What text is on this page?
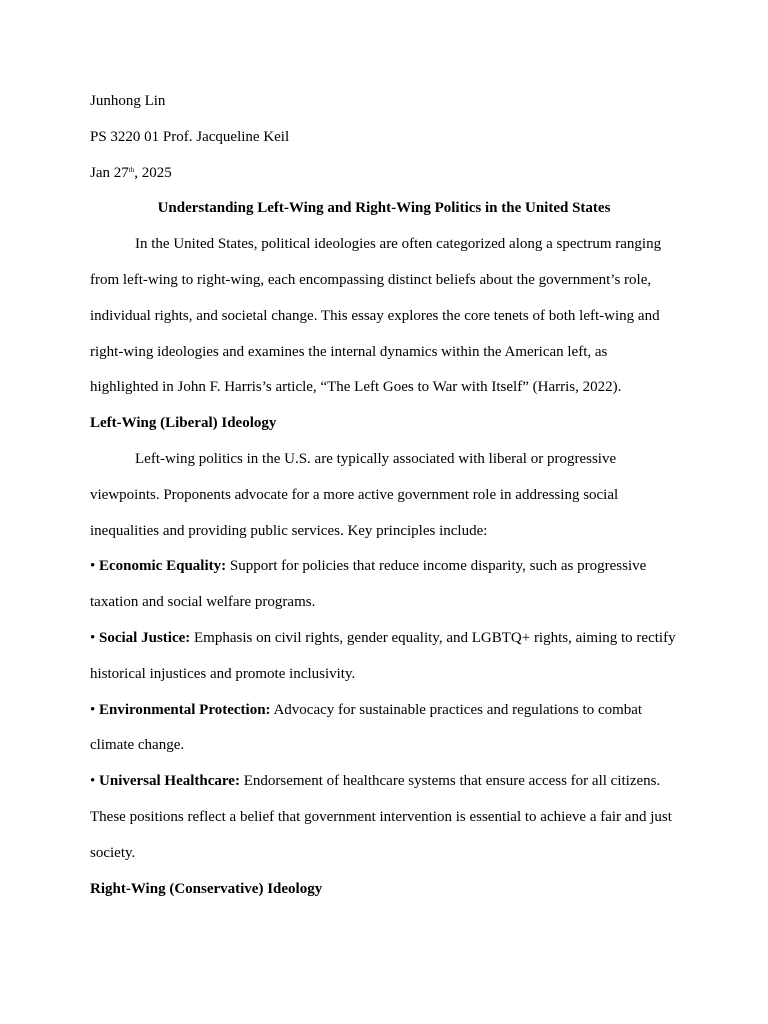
Junhong Lin

PS 3220 01 Prof. Jacqueline Keil

Jan 27th, 2025

Understanding Left-Wing and Right-Wing Politics in the United States

In the United States, political ideologies are often categorized along a spectrum ranging from left-wing to right-wing, each encompassing distinct beliefs about the government’s role, individual rights, and societal change. This essay explores the core tenets of both left-wing and right-wing ideologies and examines the internal dynamics within the American left, as highlighted in John F. Harris’s article, “The Left Goes to War with Itself” (Harris, 2022).

Left-Wing (Liberal) Ideology

Left-wing politics in the U.S. are typically associated with liberal or progressive viewpoints. Proponents advocate for a more active government role in addressing social inequalities and providing public services. Key principles include:

• Economic Equality: Support for policies that reduce income disparity, such as progressive taxation and social welfare programs.

• Social Justice: Emphasis on civil rights, gender equality, and LGBTQ+ rights, aiming to rectify historical injustices and promote inclusivity.

• Environmental Protection: Advocacy for sustainable practices and regulations to combat climate change.

• Universal Healthcare: Endorsement of healthcare systems that ensure access for all citizens.

These positions reflect a belief that government intervention is essential to achieve a fair and just society.

Right-Wing (Conservative) Ideology
